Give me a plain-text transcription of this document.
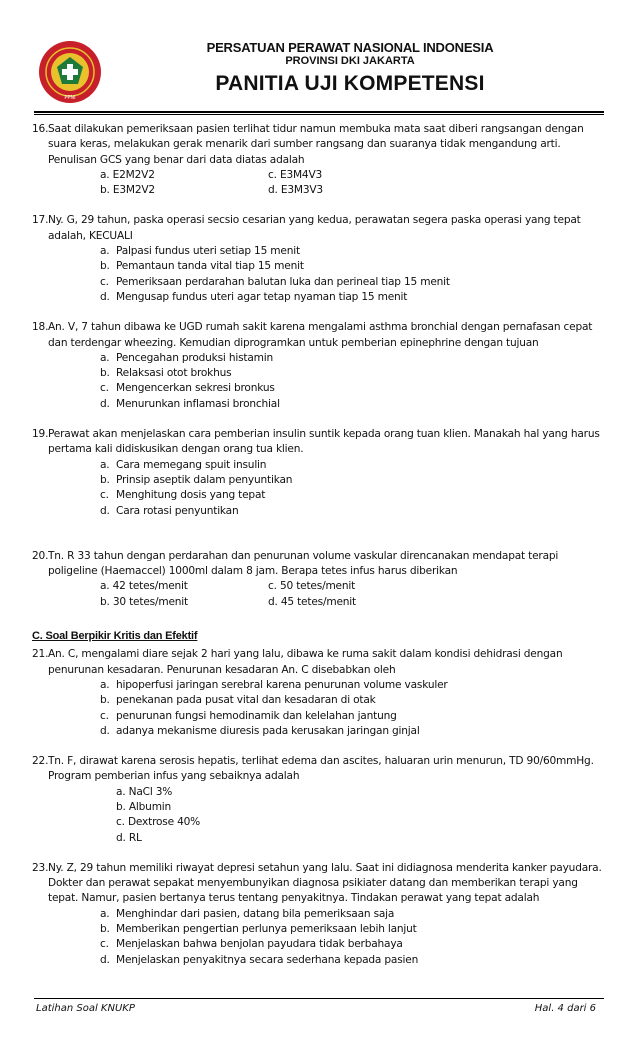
PPNI
PERSATUAN PERAWAT NASIONAL INDONESIA
PROVINSI DKI JAKARTA
PANITIA UJI KOMPETENSI
16. Saat dilakukan pemeriksaan pasien terlihat tidur namun membuka mata saat diberi rangsangan dengan suara keras, melakukan gerak menarik dari sumber rangsang dan suaranya tidak mengandung arti. Penulisan GCS yang benar dari data diatas adalah
a. E2M2V2	c. E3M4V3
b. E3M2V2	d. E3M3V3
17. Ny. G, 29 tahun, paska operasi secsio cesarian yang kedua, perawatan segera paska operasi yang tepat adalah, KECUALI
a. Palpasi fundus uteri setiap 15 menit
b. Pemantaun tanda vital tiap 15 menit
c. Pemeriksaan perdarahan balutan luka dan perineal tiap 15 menit
d. Mengusap fundus uteri agar tetap nyaman tiap 15 menit
18. An. V, 7 tahun dibawa ke UGD rumah sakit karena mengalami asthma bronchial dengan pernafasan cepat dan terdengar wheezing. Kemudian diprogramkan untuk pemberian epinephrine dengan tujuan
a. Pencegahan produksi histamin
b. Relaksasi otot brokhus
c. Mengencerkan sekresi bronkus
d. Menurunkan inflamasi bronchial
19. Perawat akan menjelaskan cara pemberian insulin suntik kepada orang tuan klien. Manakah hal yang harus pertama kali didiskusikan dengan orang tua klien.
a. Cara memegang spuit insulin
b. Prinsip aseptik dalam penyuntikan
c. Menghitung dosis yang tepat
d. Cara rotasi penyuntikan
20. Tn. R 33 tahun dengan perdarahan dan penurunan volume vaskular direncanakan mendapat terapi poligeline (Haemaccel) 1000ml dalam 8 jam. Berapa tetes infus harus diberikan
a. 42 tetes/menit	c. 50 tetes/menit
b. 30 tetes/menit	d. 45 tetes/menit
C. Soal Berpikir Kritis dan Efektif
21. An. C, mengalami diare sejak 2 hari yang lalu, dibawa ke ruma sakit dalam kondisi dehidrasi dengan penurunan kesadaran. Penurunan kesadaran An. C disebabkan oleh
a. hipoperfusi jaringan serebral karena penurunan volume vaskuler
b. penekanan pada pusat vital dan kesadaran di otak
c. penurunan fungsi hemodinamik dan kelelahan jantung
d. adanya mekanisme diuresis pada kerusakan jaringan ginjal
22. Tn. F, dirawat karena serosis hepatis, terlihat edema dan ascites, haluaran urin menurun, TD 90/60mmHg. Program pemberian infus yang sebaiknya adalah
a. NaCl 3%
b. Albumin
c. Dextrose 40%
d. RL
23. Ny. Z, 29 tahun memiliki riwayat depresi setahun yang lalu. Saat ini didiagnosa menderita kanker payudara. Dokter dan perawat sepakat menyembunyikan diagnosa psikiater datang dan memberikan terapi yang tepat. Namur, pasien bertanya terus tentang penyakitnya. Tindakan perawat yang tepat adalah
a. Menghindar dari pasien, datang bila pemeriksaan saja
b. Memberikan pengertian perlunya pemeriksaan lebih lanjut
c. Menjelaskan bahwa benjolan payudara tidak berbahaya
d. Menjelaskan penyakitnya secara sederhana kepada pasien
Latihan Soal KNUKP	Hal. 4 dari 6
